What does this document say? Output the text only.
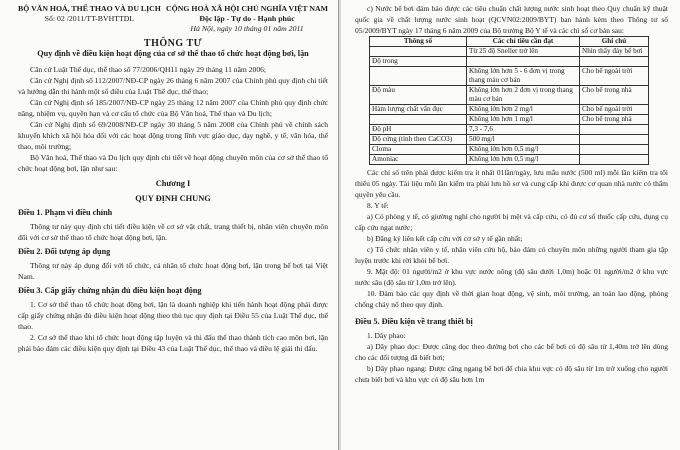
BỘ VĂN HOÁ, THỂ THAO VÀ DU LỊCH
Số: 02 /2011/TT-BVHTTDL
CỘNG HOÀ XÃ HỘI CHỦ NGHĨA VIỆT NAM
Độc lập - Tự do - Hạnh phúc
Hà Nội, ngày 10 tháng 01 năm 2011
THÔNG TƯ
Quy định về điều kiện hoạt động của cơ sở thể thao tổ chức hoạt động bơi, lặn

Căn cứ Luật Thể dục, thể thao số 77/2006/QH11 ngày 29 tháng 11 năm 2006;

Căn cứ Nghị định số 112/2007/NĐ-CP ngày 26 tháng 6 năm 2007 của Chính phủ quy định chi tiết và hướng dẫn thi hành một số điều của Luật Thể dục, thể thao;

Căn cứ Nghị định số 185/2007/NĐ-CP ngày 25 tháng 12 năm 2007 của Chính phủ quy định chức năng, nhiệm vụ, quyền hạn và cơ cấu tổ chức của Bộ Văn hoá, Thể thao và Du lịch;

Căn cứ Nghị định số 69/2008/NĐ-CP ngày 30 tháng 5 năm 2008 của Chính phủ về chính sách khuyến khích xã hội hóa đối với các hoạt động trong lĩnh vực giáo dục, dạy nghề, y tế, văn hóa, thể thao, môi trường;

Bộ Văn hoá, Thể thao và Du lịch quy định chi tiết về hoạt động chuyên môn của cơ sở thể thao tổ chức hoạt động bơi, lặn như sau:

Chương I
QUY ĐỊNH CHUNG
Điều 1. Phạm vi điều chỉnh

Thông tư này quy định chi tiết điều kiện về cơ sở vật chất, trang thiết bị, nhân viên chuyên môn đối với cơ sở thể thao tổ chức hoạt động bơi, lặn.

Điều 2. Đối tượng áp dụng

Thông tư này áp dụng đối với tổ chức, cá nhân tổ chức hoạt động bơi, lặn trong bể bơi tại Việt Nam.

Điều 3. Cấp giấy chứng nhận đủ điều kiện hoạt động

1. Cơ sở thể thao tổ chức hoạt động bơi, lặn là doanh nghiệp khi tiến hành hoạt động phải được cấp giấy chứng nhận đủ điều kiện hoạt động theo thủ tục quy định tại Điều 55 của Luật Thể dục, thể thao.

2. Cơ sở thể thao khi tổ chức hoạt động tập luyện và thi đấu thể thao thành tích cao môn bơi, lặn phải bảo đảm các điều kiện quy định tại Điều 43 của Luật Thể dục, thể thao và điều lệ giải thi đấu.

c) Nước bể bơi đảm bảo được các tiêu chuẩn chất lượng nước sinh hoạt theo Quy chuẩn kỹ thuật quốc gia về chất lượng nước sinh hoạt (QCVN02:2009/BYT) ban hành kèm theo Thông tư số 05/2009/BYT ngày 17 tháng 6 năm 2009 của Bộ trưởng Bộ Y tế và các chỉ số cơ bản sau:

Thông số	Các chỉ tiêu cần đạt	Ghi chú
	Từ 25 độ Sneller trở lên	Nhìn thấy đáy bể bơi
Độ trong		
	Không lớn hơn 5 - 6 đơn vị trong thang màu cơ bản	Cho bể ngoài trời
Độ màu	Không lớn hơn 2 đơn vị trong thang màu cơ bản	Cho bể trong nhà
Hàm lượng chất vẩn đục	Không lớn hơn 2 mg/l	Cho bể ngoài trời
	Không lớn hơn 1 mg/l	Cho bể trong nhà
Độ pH	7,3 - 7,6	
Độ cứng (tính theo CaCO3)	500 mg/l	
Cloma	Không lớn hơn 0,5 mg/l	
Amoniac	Không lớn hơn 0,5 mg/l	

Các chỉ số trên phải được kiểm tra ít nhất 01lần/ngày, lưu mẫu nước (500 ml) mỗi lần kiểm tra tối thiểu 05 ngày. Tài liệu mỗi lần kiểm tra phải lưu hồ sơ và cung cấp khi được cơ quan nhà nước có thẩm quyền yêu cầu.

8. Y tế:

a) Có phòng y tế, có giường nghỉ cho người bị mệt và cấp cứu, có đủ cơ số thuốc cấp cứu, dụng cụ cấp cứu ngạt nước;

b) Đăng ký liên kết cấp cứu với cơ sở y tế gần nhất;

c) Tổ chức nhân viên y tế, nhân viên cứu hộ, bảo đảm có chuyên môn những người tham gia tập luyện trước khi rời khỏi bể bơi.

9. Mật độ: 01 người/m2 ở khu vực nước nông (độ sâu dưới 1,0m) hoặc 01 người/m2 ở khu vực nước sâu (độ sâu từ 1,0m trở lên).

10. Đảm bảo các quy định về thời gian hoạt động, vệ sinh, môi trường, an toàn lao động, phòng chống cháy nổ theo quy định.

Điều 5. Điều kiện về trang thiết bị

1. Dây phao:

a) Dây phao dọc: Được căng dọc theo đường bơi cho các bể bơi có độ sâu từ 1,40m trở lên dùng cho các đối tượng đã biết bơi;

b) Dây phao ngang: Được căng ngang bể bơi để chia khu vực có độ sâu từ 1m trở xuống cho người chưa biết bơi và khu vực có độ sâu hơn 1m
